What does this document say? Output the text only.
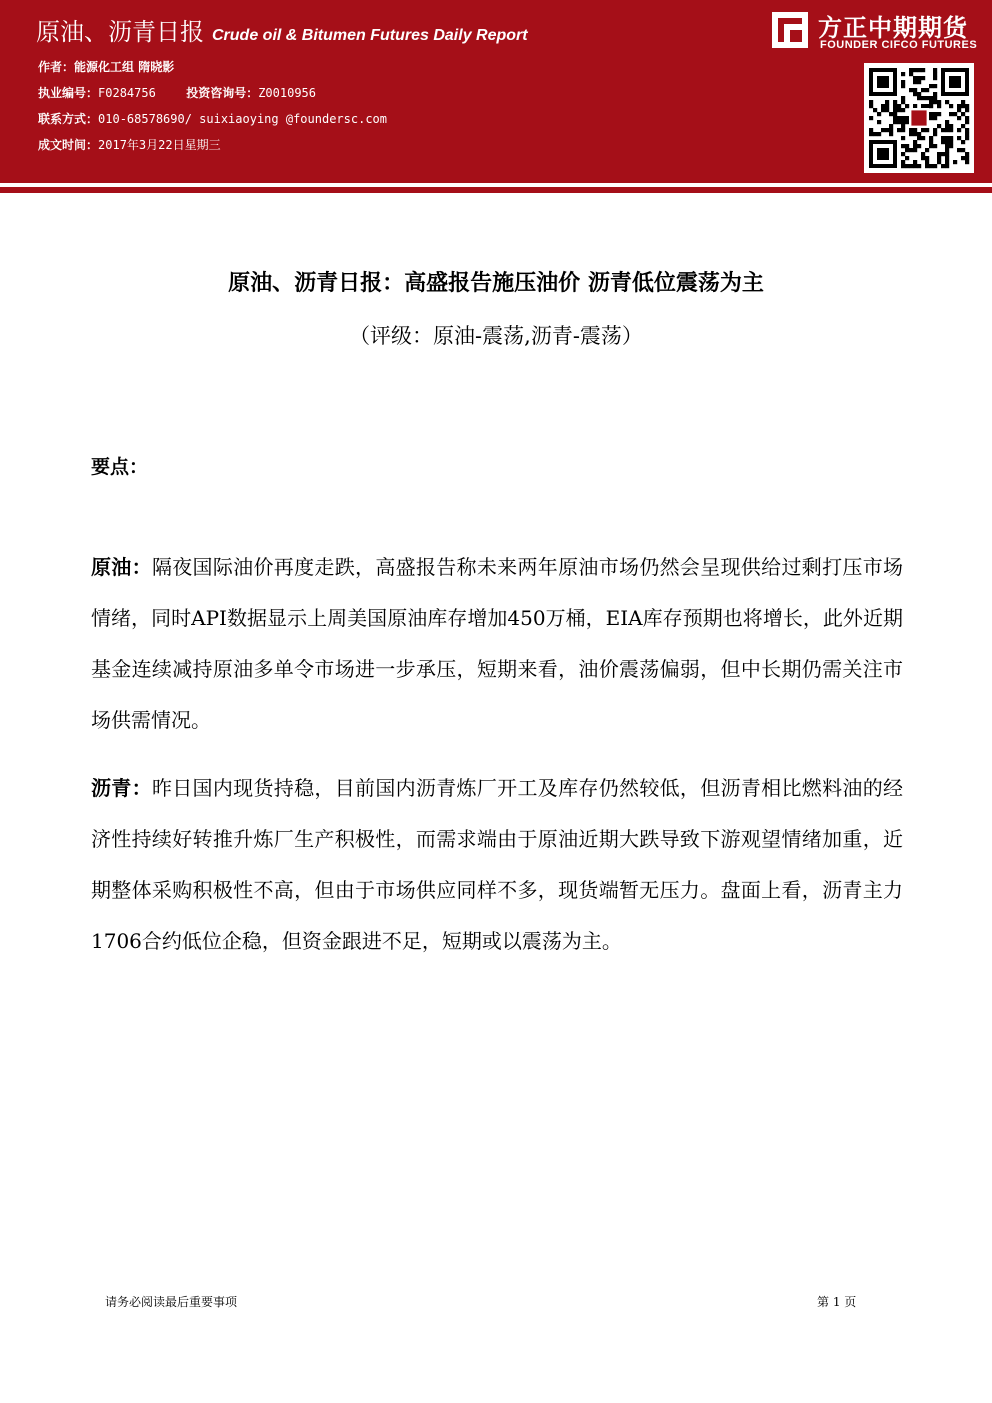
原油、沥青日报 Crude oil & Bitumen Futures Daily Report
作者：能源化工组 隋晓影
执业编号：F0284756	投资咨询号：Z0010956
联系方式：010-68578690/ suixiaoying @foundersc.com
成文时间：2017年3月22日星期三
方正中期期货
FOUNDER CIFCO FUTURES
原油、沥青日报：高盛报告施压油价 沥青低位震荡为主
（评级：原油-震荡,沥青-震荡）
要点：
原油：隔夜国际油价再度走跌，高盛报告称未来两年原油市场仍然会呈现供给过剩打压市场情绪，同时API数据显示上周美国原油库存增加450万桶，EIA库存预期也将增长，此外近期基金连续减持原油多单令市场进一步承压，短期来看，油价震荡偏弱，但中长期仍需关注市场供需情况。
沥青：昨日国内现货持稳，目前国内沥青炼厂开工及库存仍然较低，但沥青相比燃料油的经济性持续好转推升炼厂生产积极性，而需求端由于原油近期大跌导致下游观望情绪加重，近期整体采购积极性不高，但由于市场供应同样不多，现货端暂无压力。盘面上看，沥青主力1706合约低位企稳，但资金跟进不足，短期或以震荡为主。
请务必阅读最后重要事项	第 1 页
